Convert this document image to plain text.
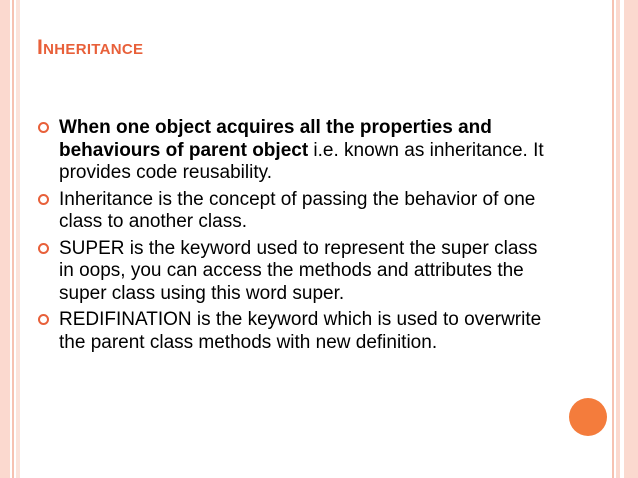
INHERITANCE
When one object acquires all the properties and behaviours of parent object i.e. known as inheritance. It provides code reusability.
Inheritance is the concept of passing the behavior of one class to another class.
SUPER is the keyword used to represent the super class in oops, you can access the methods and attributes the super class using this word super.
REDIFINATION is the keyword which is used to overwrite the parent class methods with new definition.
